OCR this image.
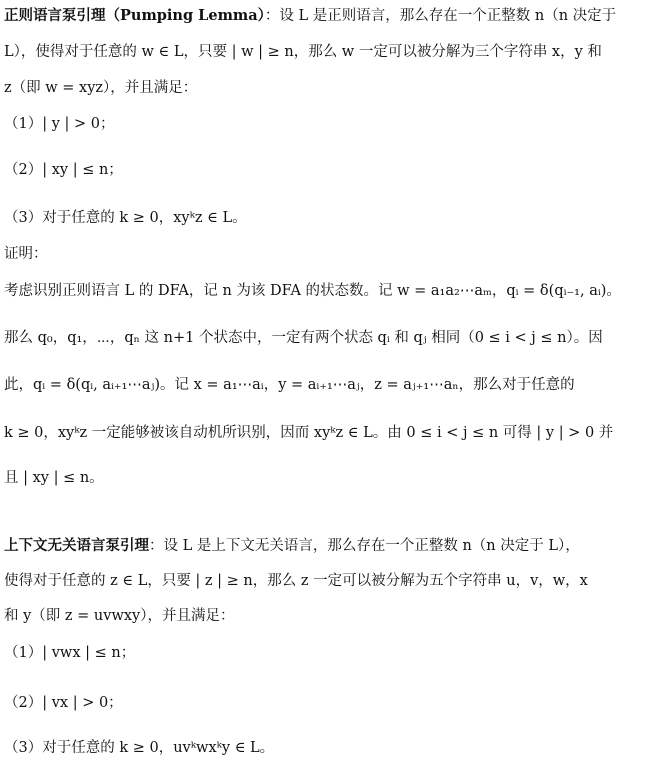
正则语言泵引理（Pumping Lemma）：设 L 是正则语言，那么存在一个正整数 n（n 决定于
L），使得对于任意的 w ∈ L，只要 | w | ≥ n，那么 w 一定可以被分解为三个字符串 x，y 和
z（即 w = xyz），并且满足：
（1）| y | > 0；
（2）| xy | ≤ n；
（3）对于任意的 k ≥ 0，xyᵏz ∈ L。
证明：
考虑识别正则语言 L 的 DFA，记 n 为该 DFA 的状态数。记 w = a₁a₂⋯aₘ，qᵢ = δ(qᵢ₋₁, aᵢ)。
那么 q₀，q₁，⋯，qₙ 这 n+1 个状态中，一定有两个状态 qᵢ 和 qⱼ 相同（0 ≤ i < j ≤ n）。因
此，qᵢ = δ(qᵢ, aᵢ₊₁⋯aⱼ)。记 x = a₁⋯aᵢ，y = aᵢ₊₁⋯aⱼ，z = aⱼ₊₁⋯aₙ，那么对于任意的
k ≥ 0，xyᵏz 一定能够被该自动机所识别，因而 xyᵏz ∈ L。由 0 ≤ i < j ≤ n 可得 | y | > 0 并
且 | xy | ≤ n。
上下文无关语言泵引理：设 L 是上下文无关语言，那么存在一个正整数 n（n 决定于 L），
使得对于任意的 z ∈ L，只要 | z | ≥ n，那么 z 一定可以被分解为五个字符串 u，v，w，x
和 y（即 z = uvwxy），并且满足：
（1）| vwx | ≤ n；
（2）| vx | > 0；
（3）对于任意的 k ≥ 0，uvᵏwxᵏy ∈ L。
